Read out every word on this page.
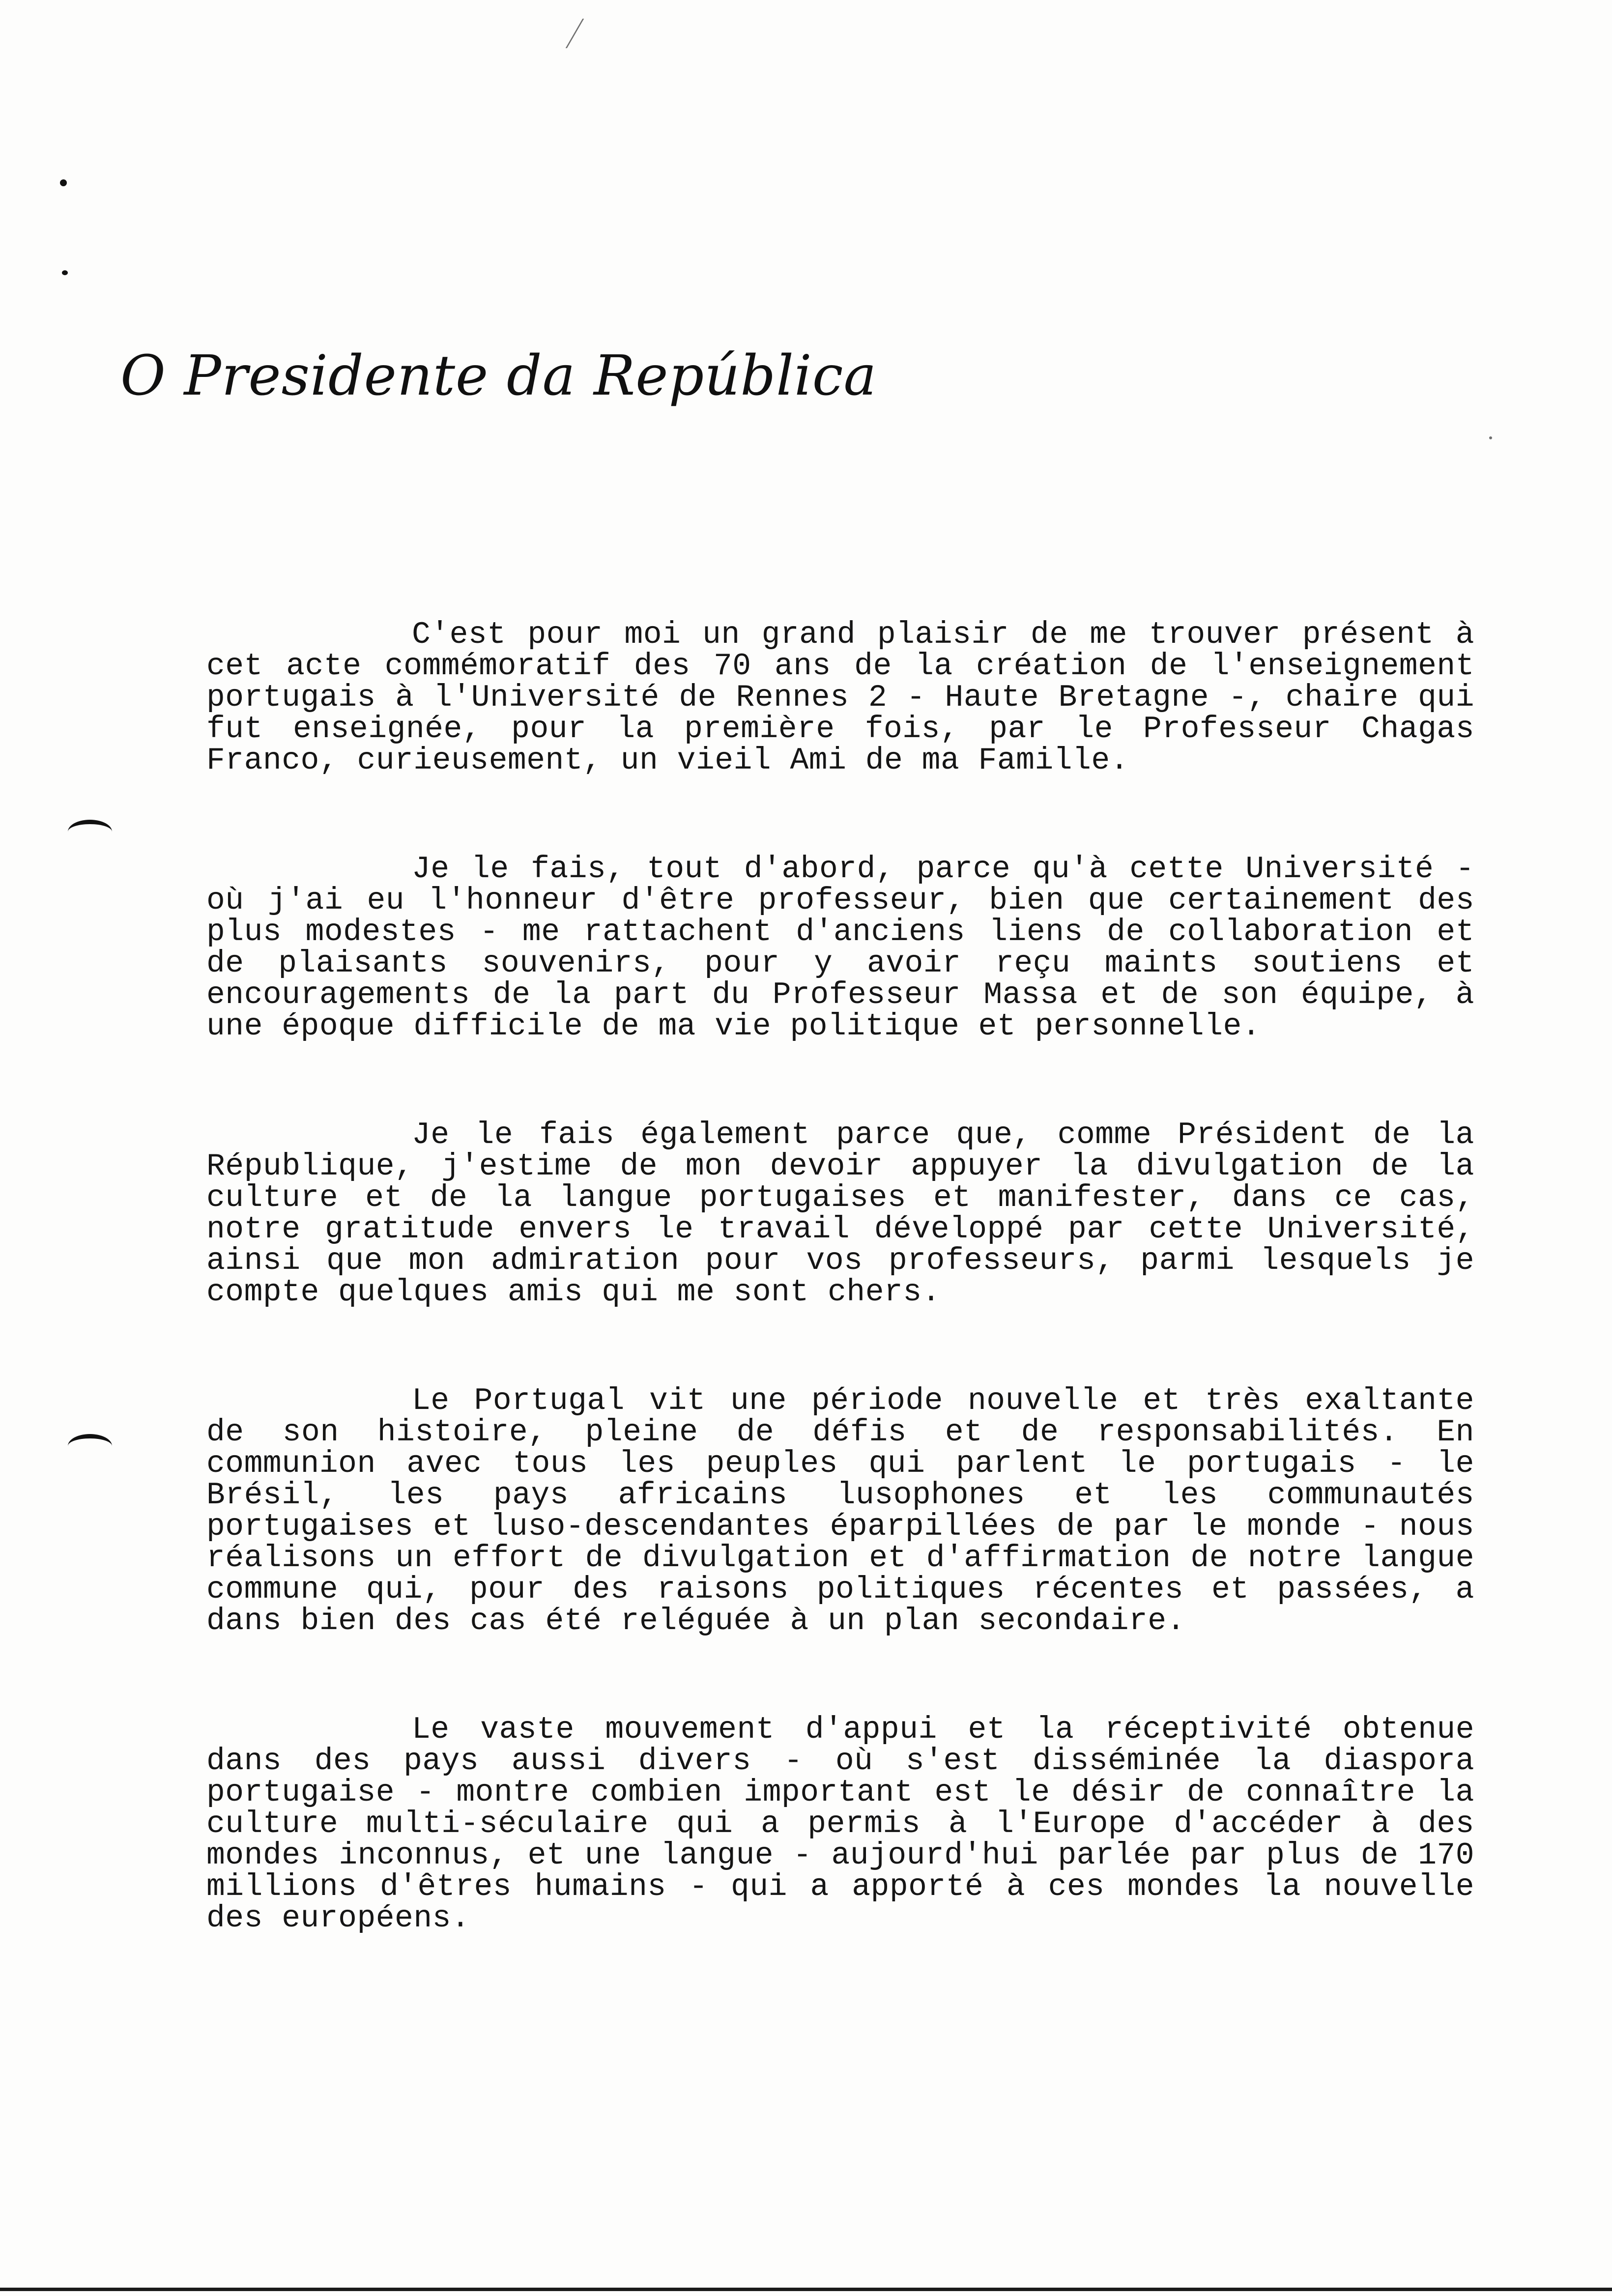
O Presidente da República

C'est pour moi un grand plaisir de me trouver présent à cet acte commémoratif des 70 ans de la création de l'enseignement portugais à l'Université de Rennes 2 - Haute Bretagne -, chaire qui fut enseignée, pour la première fois, par le Professeur Chagas Franco, curieusement, un vieil Ami de ma Famille.

Je le fais, tout d'abord, parce qu'à cette Université - où j'ai eu l'honneur d'être professeur, bien que certainement des plus modestes - me rattachent d'anciens liens de collaboration et de plaisants souvenirs, pour y avoir reçu maints soutiens et encouragements de la part du Professeur Massa et de son équipe, à une époque difficile de ma vie politique et personnelle.

Je le fais également parce que, comme Président de la République, j'estime de mon devoir appuyer la divulgation de la culture et de la langue portugaises et manifester, dans ce cas, notre gratitude envers le travail développé par cette Université, ainsi que mon admiration pour vos professeurs, parmi lesquels je compte quelques amis qui me sont chers.

Le Portugal vit une période nouvelle et très exaltante de son histoire, pleine de défis et de responsabilités. En communion avec tous les peuples qui parlent le portugais - le Brésil, les pays africains lusophones et les communautés portugaises et luso-descendantes éparpillées de par le monde - nous réalisons un effort de divulgation et d'affirmation de notre langue commune qui, pour des raisons politiques récentes et passées, a dans bien des cas été reléguée à un plan secondaire.

Le vaste mouvement d'appui et la réceptivité obtenue dans des pays aussi divers - où s'est disséminée la diaspora portugaise - montre combien important est le désir de connaître la culture multi-séculaire qui a permis à l'Europe d'accéder à des mondes inconnus, et une langue - aujourd'hui parlée par plus de 170 millions d'êtres humains - qui a apporté à ces mondes la nouvelle des européens.
